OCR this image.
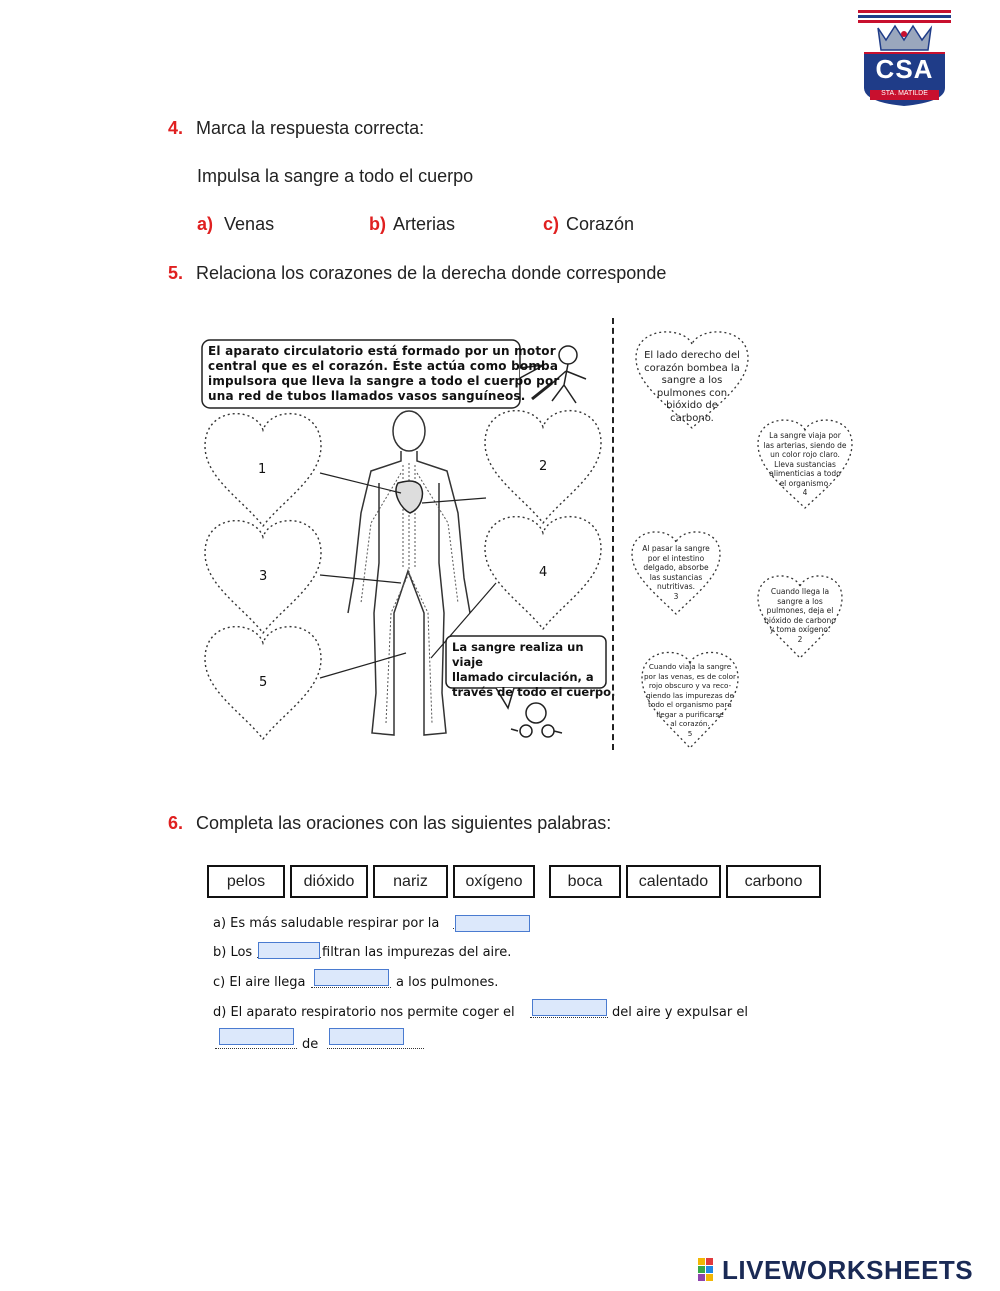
CSA
STA. MATILDE
4. Marca la respuesta correcta:
Impulsa la sangre a todo el cuerpo
a) Venas	b) Arterias	c) Corazón
5. Relaciona los corazones de la derecha donde corresponde
El aparato circulatorio está formado por un motor
central que es el corazón. Éste actúa como bomba
impulsora que lleva la sangre a todo el cuerpo por
una red de tubos llamados vasos sanguíneos.
1	2
3	4
5
La sangre realiza un viaje
llamado circulación, a
través de todo el cuerpo.
El lado derecho del
corazón bombea la
sangre a los
pulmones con
bióxido de
carbono.
La sangre viaja por
las arterias, siendo de
un color rojo claro.
Lleva sustancias
alimenticias a todo
el organismo.
4
Al pasar la sangre
por el intestino
delgado, absorbe
las sustancias
nutritivas.
3	Cuando llega la
sangre a los
pulmones, deja el
bióxido de carbono
y toma oxígeno.
2
Cuando viaja la sangre
por las venas, es de color
rojo obscuro y va reco-
giendo las impurezas de
todo el organismo para
llegar a purificarse
al corazón.
5
6. Completa las oraciones con las siguientes palabras:
pelos	dióxido	nariz	oxígeno	boca	calentado	carbono
a) Es más saludable respirar por la
b) Los	filtran las impurezas del aire.
c) El aire llega	a los pulmones.
d) El aparato respiratorio nos permite coger el	del aire y expulsar el
de
LIVEWORKSHEETS
